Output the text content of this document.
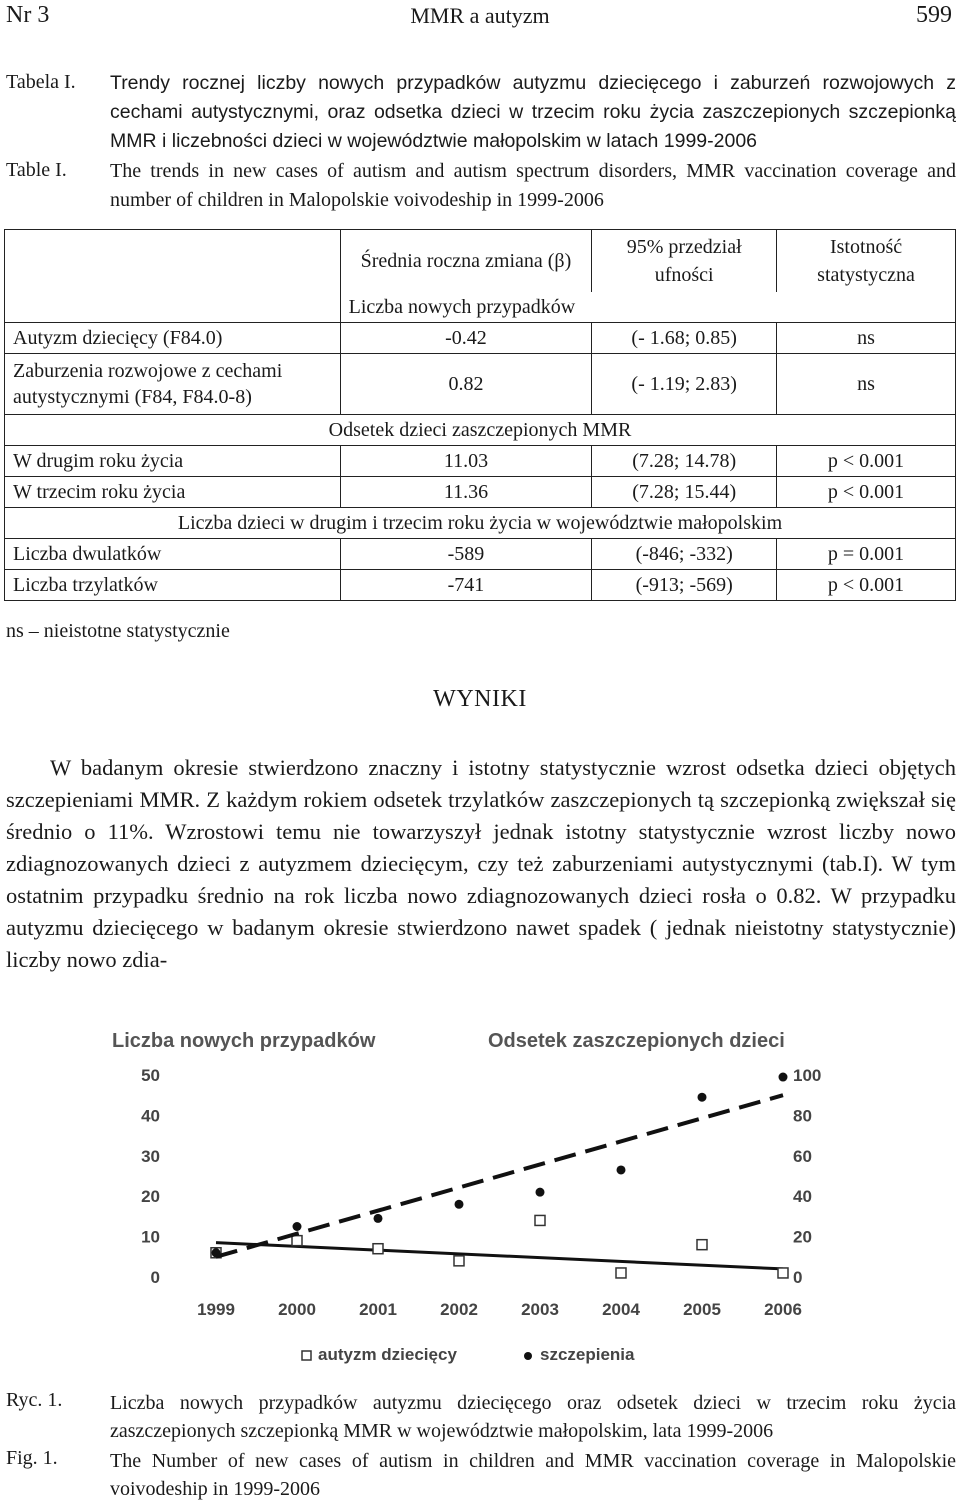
Nr 3	MMR a autyzm	599
Tabela I. Trendy rocznej liczby nowych przypadków autyzmu dziecięcego i zaburzeń rozwojowych z cechami autystycznymi, oraz odsetka dzieci w trzecim roku życia zaszczepionych szczepionką MMR i liczebności dzieci w województwie małopolskim w latach 1999-2006
Table I. The trends in new cases of autism and autism spectrum disorders, MMR vaccination coverage and number of children in Malopolskie voivodeship in 1999-2006
	Średnia roczna zmiana (β)	95% przedział ufności	Istotność statystyczna
	Liczba nowych przypadków		
Autyzm dziecięcy (F84.0)	-0.42	(- 1.68; 0.85)	ns
Zaburzenia rozwojowe z cechami autystycznymi (F84, F84.0-8)	0.82	(- 1.19; 2.83)	ns
Odsetek dzieci zaszczepionych MMR			
W drugim roku życia	11.03	(7.28; 14.78)	p < 0.001
W trzecim roku życia	11.36	(7.28; 15.44)	p < 0.001
Liczba dzieci w drugim i trzecim roku życia w województwie małopolskim			
Liczba dwulatków	-589	(-846; -332)	p = 0.001
Liczba trzylatków	-741	(-913; -569)	p < 0.001
ns – nieistotne statystycznie
WYNIKI

W badanym okresie stwierdzono znaczny i istotny statystycznie wzrost odsetka dzieci objętych szczepieniami MMR. Z każdym rokiem odsetek trzylatków zaszczepionych tą szczepionką zwiększał się średnio o 11%. Wzrostowi temu nie towarzyszył jednak istotny statystycznie wzrost liczby nowo zdiagnozowanych dzieci z autyzmem dziecięcym, czy też zaburzeniami autystycznymi (tab.I). W tym ostatnim przypadku średnio na rok liczba nowo zdiagnozowanych dzieci rosła o 0.82. W przypadku autyzmu dziecięcego w badanym okresie stwierdzono nawet spadek ( jednak nieistotny statystycznie) liczby nowo zdia-

Liczba nowych przypadków	Odsetek zaszczepionych dzieci
0
10
20
30
40
50
0
20
40
60
80
100
1999	2000	2001	2002	2003	2004	2005	2006
autyzm dziecięcy	szczepienia
Ryc. 1. Liczba nowych przypadków autyzmu dziecięcego oraz odsetek dzieci w trzecim roku życia zaszczepionych szczepionką MMR w województwie małopolskim, lata 1999-2006
Fig. 1.	The Number of new cases of autism in children and MMR vaccination coverage in Malopolskie voivodeship in 1999-2006
